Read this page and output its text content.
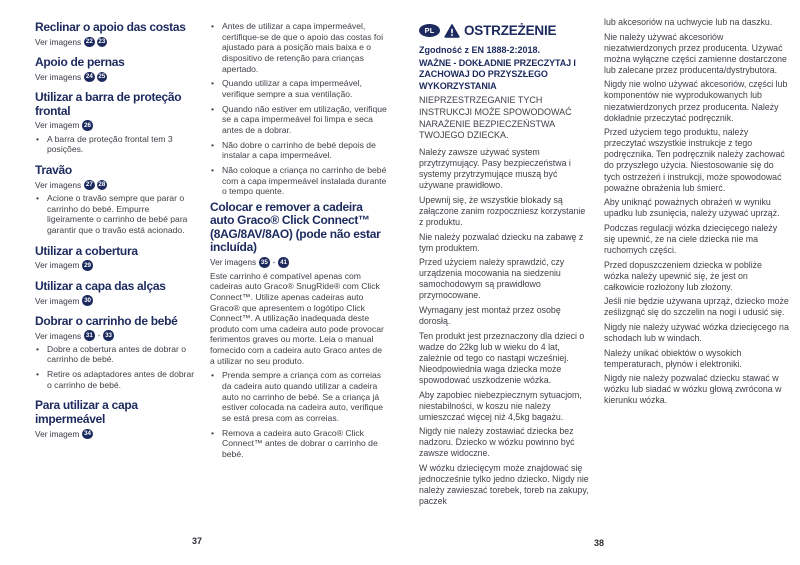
Reclinar o apoio das costas
Ver imagens 22 23
Apoio de pernas
Ver imagens 24 25
Utilizar a barra de proteção frontal
Ver imagem 26
• A barra de proteção frontal tem 3 posições.
Travão
Ver imagens 27 28
• Acione o travão sempre que parar o carrinho do bebé. Empurre ligeiramente o carrinho de bebé para garantir que o travão está acionado.
Utilizar a cobertura
Ver imagem 29
Utilizar a capa das alças
Ver imagem 30
Dobrar o carrinho de bebé
Ver imagens 31 - 33
• Dobre a cobertura antes de dobrar o carrinho de bebé.
• Retire os adaptadores antes de dobrar o carrinho de bebé.
Para utilizar a capa impermeável
Ver imagem 34
• Antes de utilizar a capa impermeável, certifique-se de que o apoio das costas foi ajustado para a posição mais baixa e o dispositivo de retenção para crianças apertado.
• Quando utilizar a capa impermeável, verifique sempre a sua ventilação.
• Quando não estiver em utilização, verifique se a capa impermeável foi limpa e seca antes de a dobrar.
• Não dobre o carrinho de bebé depois de instalar a capa impermeável.
• Não coloque a criança no carrinho de bebé com a capa impermeável instalada durante o tempo quente.
Colocar e remover a cadeira auto Graco® Click Connect™ (8AG/8AV/8AO) (pode não estar incluída)
Ver imagens 35 - 41
Este carrinho é compatível apenas com cadeiras auto Graco® SnugRide® com Click Connect™. Utilize apenas cadeiras auto Graco® que apresentem o logótipo Click Connect™. A utilização inadequada deste produto com uma cadeira auto pode provocar ferimentos graves ou morte. Leia o manual fornecido com a cadeira auto Graco antes de a utilizar no seu produto.
• Prenda sempre a criança com as correias da cadeira auto quando utilizar a cadeira auto no carrinho de bebé. Se a criança já estiver colocada na cadeira auto, verifique se está presa com as correias.
• Remova a cadeira auto Graco® Click Connect™ antes de dobrar o carrinho de bebé.
PL	OSTRZEŻENIE
Zgodność z EN 1888-2:2018.
WAŻNE - DOKŁADNIE PRZECZYTAJ I ZACHOWAJ DO PRZYSZŁEGO WYKORZYSTANIA
NIEPRZESTRZEGANIE TYCH INSTRUKCJI MOŻE SPOWODOWAĆ NARAŻENIE BEZPIECZEŃSTWA TWOJEGO DZIECKA.
Należy zawsze używać system przytrzymujący. Pasy bezpieczeństwa i systemy przytrzymujące muszą być używane prawidłowo.
Upewnij się, że wszystkie blokady są załączone zanim rozpoczniesz korzystanie z produktu.
Nie należy pozwalać dziecku na zabawę z tym produktem.
Przed użyciem należy sprawdzić, czy urządzenia mocowania na siedzeniu samochodowym są prawidłowo przymocowane.
Wymagany jest montaż przez osobę dorosłą.
Ten produkt jest przeznaczony dla dzieci o wadze do 22kg lub w wieku do 4 lat, zależnie od tego co nastąpi wcześniej. Nieodpowiednia waga dziecka może spowodować uszkodzenie wózka.
Aby zapobiec niebezpiecznym sytuacjom, niestabilności, w koszu nie należy umieszczać więcej niż 4,5kg bagażu.
Nigdy nie należy zostawiać dziecka bez nadzoru. Dziecko w wózku powinno być zawsze widoczne.
W wózku dziecięcym może znajdować się jednocześnie tylko jedno dziecko. Nigdy nie należy zawieszać torebek, toreb na zakupy, paczek
lub akcesoriów na uchwycie lub na daszku.
Nie należy używać akcesoriów niezatwierdzonych przez producenta. Używać można wyłączne części zamienne dostarczone lub zalecane przez producenta/dystrybutora.
Nigdy nie wolno używać akcesoriów, części lub komponentów nie wyprodukowanych lub niezatwierdzonych przez producenta. Należy dokładnie przeczytać podręcznik.
Przed użyciem tego produktu, należy przeczytać wszystkie instrukcje z tego podręcznika. Ten podręcznik należy zachować do przyszłego użycia. Niestosowanie się do tych ostrzeżeń i instrukcji, może spowodować poważne obrażenia lub śmierć.
Aby uniknąć poważnych obrażeń w wyniku upadku lub zsunięcia, należy używać uprząż.
Podczas regulacji wózka dziecięcego należy się upewnić, że na ciele dziecka nie ma ruchomych części.
Przed dopuszczeniem dziecka w pobliże wózka należy upewnić się, że jest on całkowicie rozłożony lub złożony.
Jeśli nie będzie używana uprząż, dziecko może ześlizgnąć się do szczelin na nogi i udusić się.
Nigdy nie należy używać wózka dziecięcego na schodach lub w windach.
Należy unikać obiektów o wysokich temperaturach, płynów i elektroniki.
Nigdy nie należy pozwalać dziecku stawać w wózku lub siadać w wózku głową zwrócona w kierunku wózka.
37	38
